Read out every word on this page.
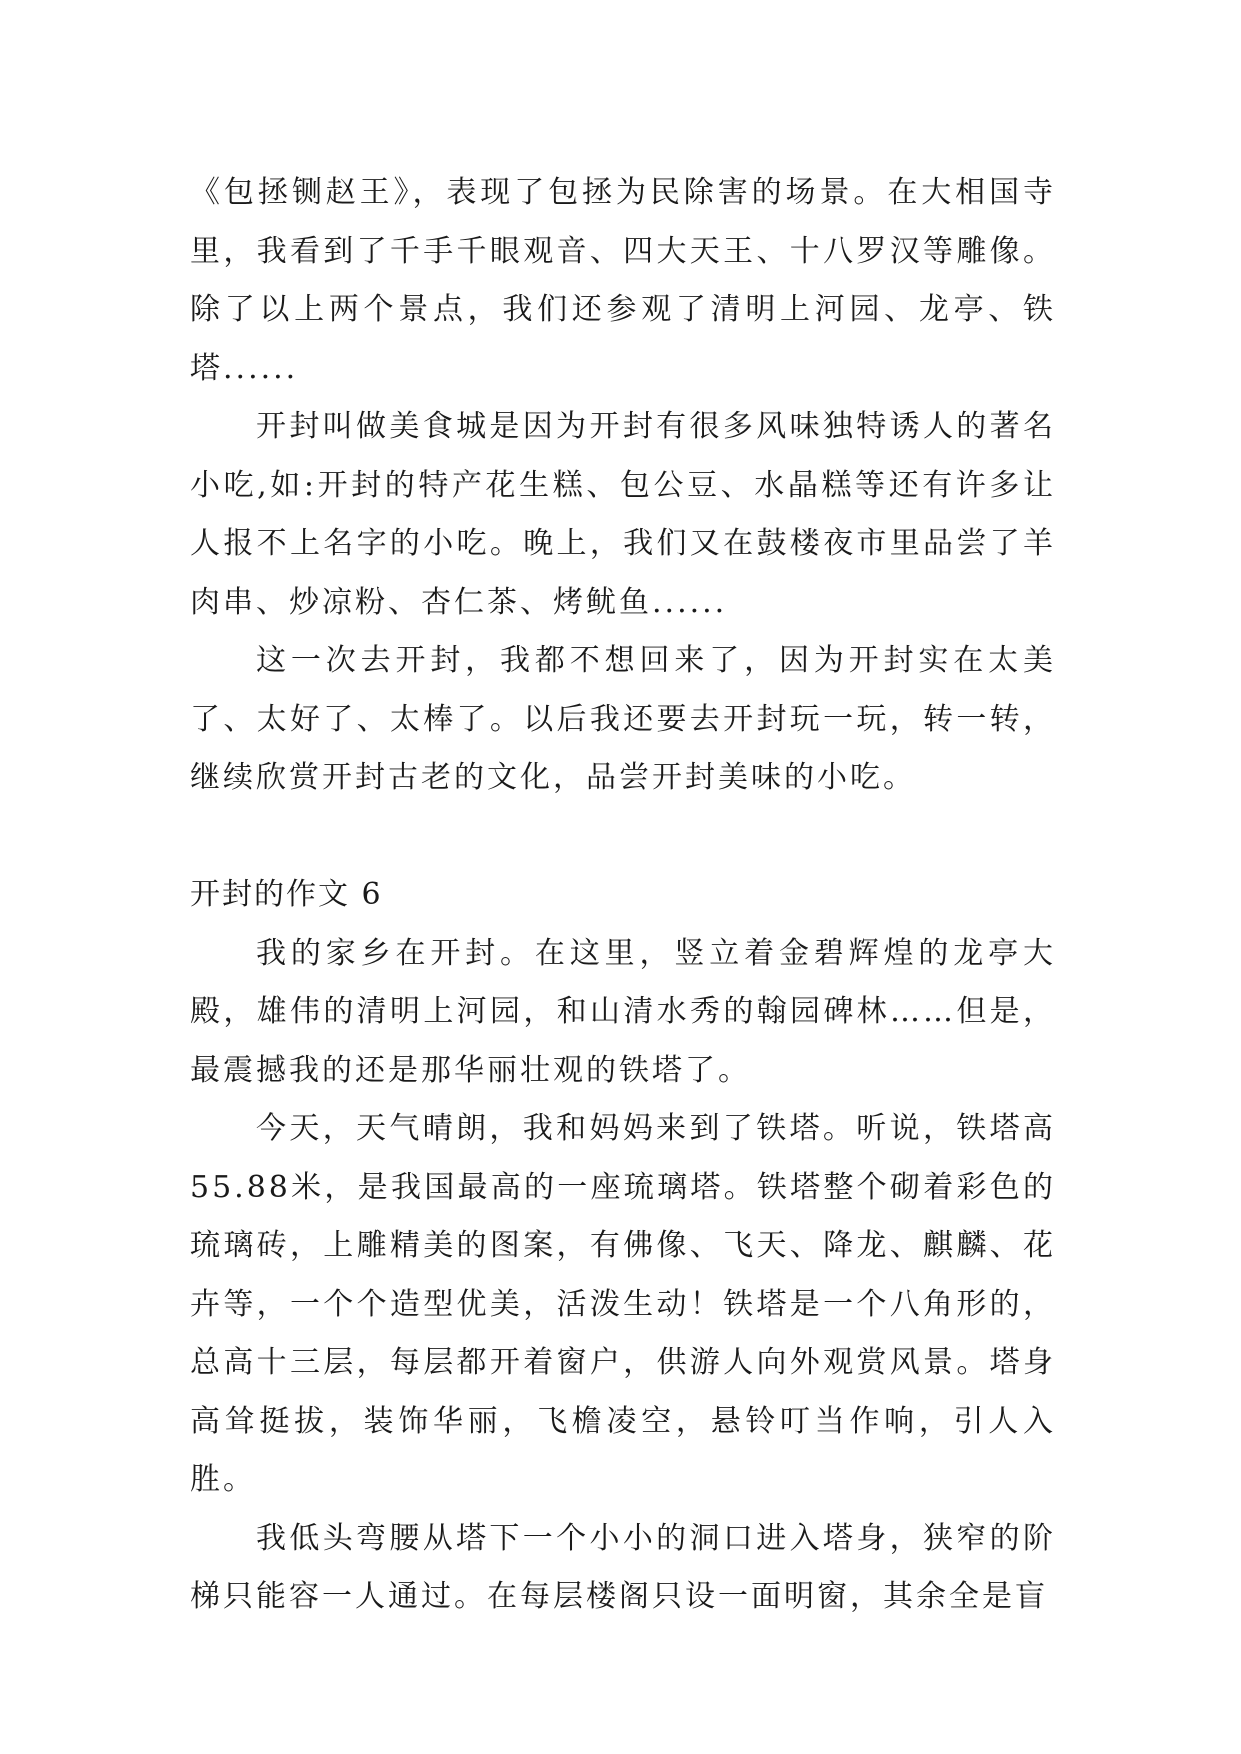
《包拯铡赵王》，表现了包拯为民除害的场景。在大相国寺里，我看到了千手千眼观音、四大天王、十八罗汉等雕像。除了以上两个景点，我们还参观了清明上河园、龙亭、铁塔......

开封叫做美食城是因为开封有很多风味独特诱人的著名小吃,如:开封的特产花生糕、包公豆、水晶糕等还有许多让人报不上名字的小吃。晚上，我们又在鼓楼夜市里品尝了羊肉串、炒凉粉、杏仁茶、烤鱿鱼......

这一次去开封，我都不想回来了，因为开封实在太美了、太好了、太棒了。以后我还要去开封玩一玩，转一转，继续欣赏开封古老的文化，品尝开封美味的小吃。

开封的作文 6

我的家乡在开封。在这里，竖立着金碧辉煌的龙亭大殿，雄伟的清明上河园，和山清水秀的翰园碑林……但是，最震撼我的还是那华丽壮观的铁塔了。

今天，天气晴朗，我和妈妈来到了铁塔。听说，铁塔高55.88米，是我国最高的一座琉璃塔。铁塔整个砌着彩色的琉璃砖，上雕精美的图案，有佛像、飞天、降龙、麒麟、花卉等，一个个造型优美，活泼生动！铁塔是一个八角形的，总高十三层，每层都开着窗户，供游人向外观赏风景。塔身高耸挺拔，装饰华丽，飞檐凌空，悬铃叮当作响，引人入胜。

我低头弯腰从塔下一个小小的洞口进入塔身，狭窄的阶梯只能容一人通过。在每层楼阁只设一面明窗，其余全是盲
